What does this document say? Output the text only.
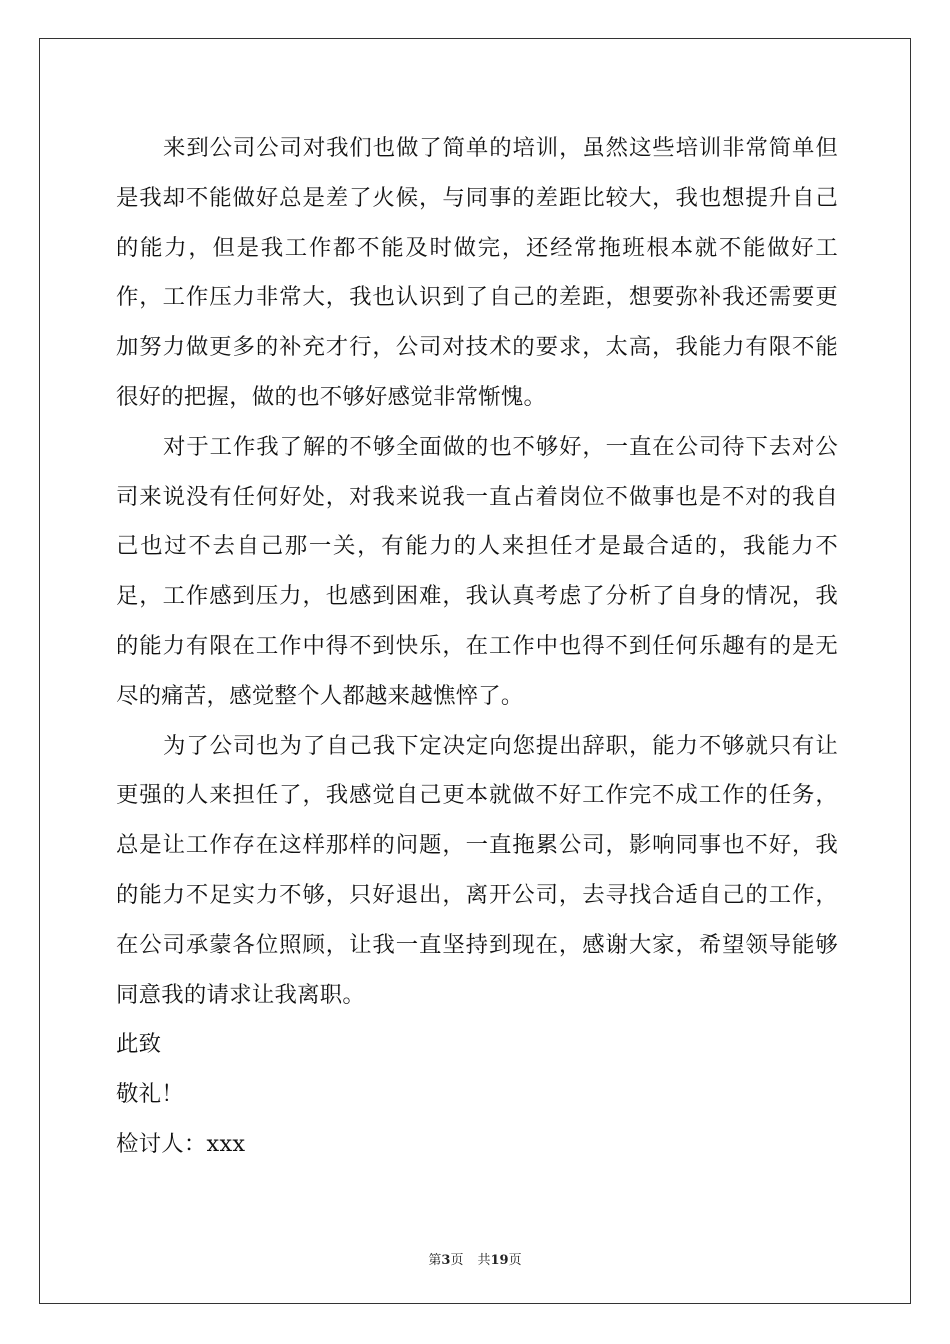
来到公司公司对我们也做了简单的培训，虽然这些培训非常简单但是我却不能做好总是差了火候，与同事的差距比较大，我也想提升自己的能力，但是我工作都不能及时做完，还经常拖班根本就不能做好工作，工作压力非常大，我也认识到了自己的差距，想要弥补我还需要更加努力做更多的补充才行，公司对技术的要求，太高，我能力有限不能很好的把握，做的也不够好感觉非常惭愧。

对于工作我了解的不够全面做的也不够好，一直在公司待下去对公司来说没有任何好处，对我来说我一直占着岗位不做事也是不对的我自己也过不去自己那一关，有能力的人来担任才是最合适的，我能力不足，工作感到压力，也感到困难，我认真考虑了分析了自身的情况，我的能力有限在工作中得不到快乐，在工作中也得不到任何乐趣有的是无尽的痛苦，感觉整个人都越来越憔悴了。

为了公司也为了自己我下定决定向您提出辞职，能力不够就只有让更强的人来担任了，我感觉自己更本就做不好工作完不成工作的任务，总是让工作存在这样那样的问题，一直拖累公司，影响同事也不好，我的能力不足实力不够，只好退出，离开公司，去寻找合适自己的工作，在公司承蒙各位照顾，让我一直坚持到现在，感谢大家，希望领导能够同意我的请求让我离职。

此致

敬礼！

检讨人：xxx

第3页 共19页
